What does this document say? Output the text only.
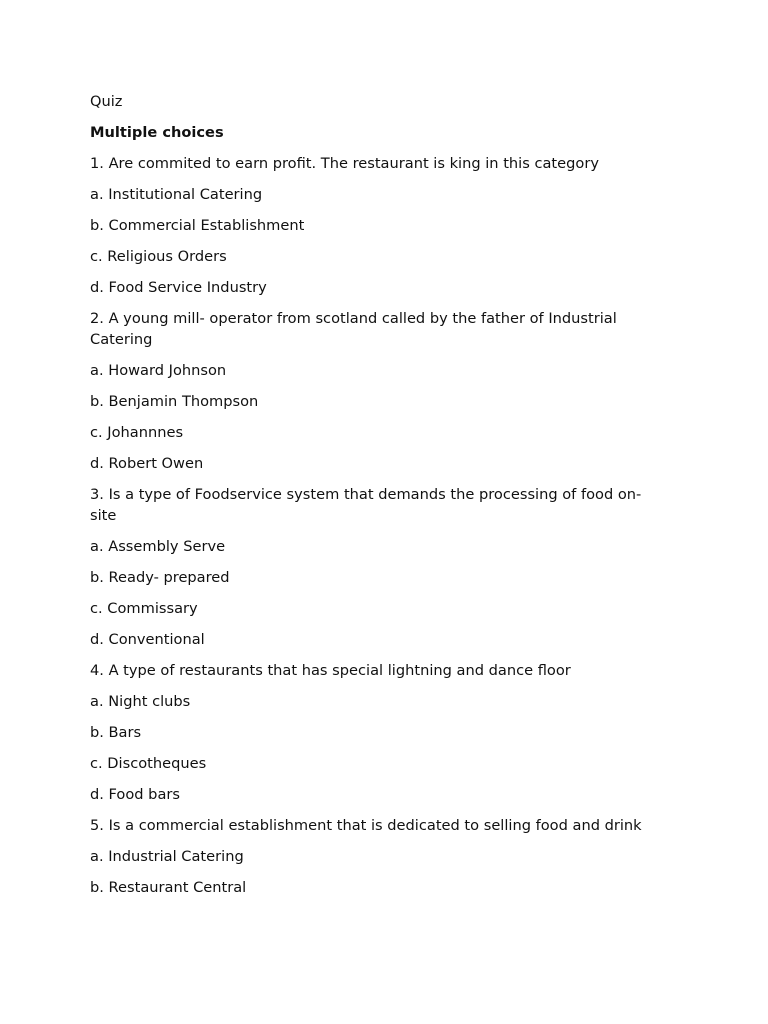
Quiz

Multiple choices

1. Are commited to earn profit. The restaurant is king in this category

a. Institutional Catering

b. Commercial Establishment

c. Religious Orders

d. Food Service Industry

2. A young mill- operator from scotland called by the father of Industrial Catering

a. Howard Johnson

b. Benjamin Thompson

c. Johannnes

d. Robert Owen

3. Is a type of Foodservice system that demands the processing of food on-site

a. Assembly Serve

b. Ready- prepared

c. Commissary

d. Conventional

4. A type of restaurants that has special lightning and dance floor

a. Night clubs

b. Bars

c. Discotheques

d. Food bars

5. Is a commercial establishment that is dedicated to selling food and drink

a. Industrial Catering

b. Restaurant Central
